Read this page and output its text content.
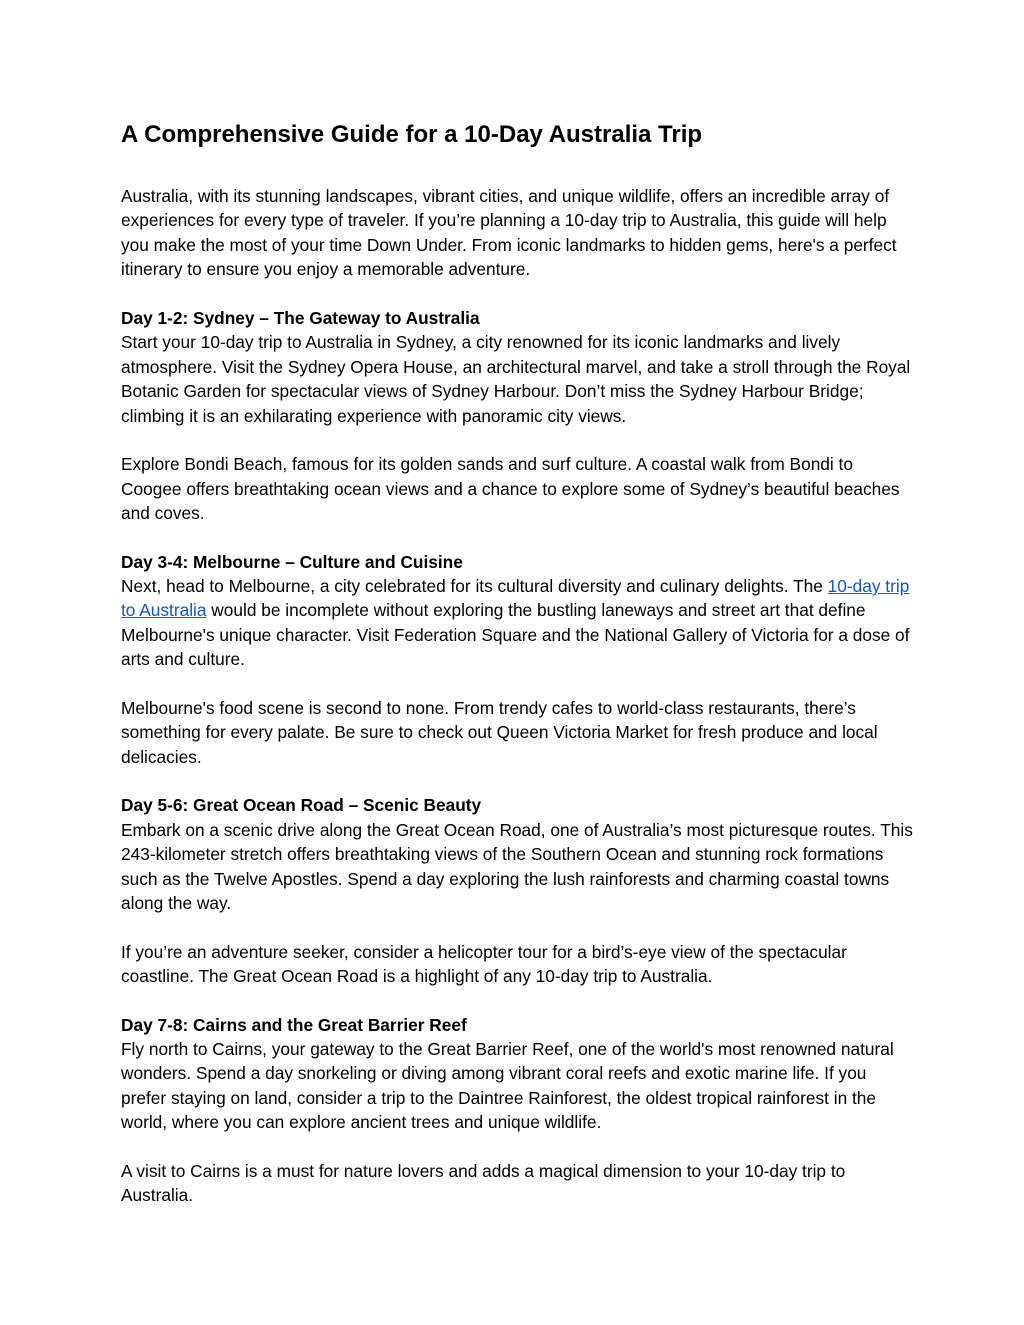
A Comprehensive Guide for a 10-Day Australia Trip

Australia, with its stunning landscapes, vibrant cities, and unique wildlife, offers an incredible array of experiences for every type of traveler. If you’re planning a 10-day trip to Australia, this guide will help you make the most of your time Down Under. From iconic landmarks to hidden gems, here's a perfect itinerary to ensure you enjoy a memorable adventure.

Day 1-2: Sydney – The Gateway to Australia

Start your 10-day trip to Australia in Sydney, a city renowned for its iconic landmarks and lively atmosphere. Visit the Sydney Opera House, an architectural marvel, and take a stroll through the Royal Botanic Garden for spectacular views of Sydney Harbour. Don’t miss the Sydney Harbour Bridge; climbing it is an exhilarating experience with panoramic city views.

Explore Bondi Beach, famous for its golden sands and surf culture. A coastal walk from Bondi to Coogee offers breathtaking ocean views and a chance to explore some of Sydney’s beautiful beaches and coves.

Day 3-4: Melbourne – Culture and Cuisine

Next, head to Melbourne, a city celebrated for its cultural diversity and culinary delights. The 10-day trip to Australia would be incomplete without exploring the bustling laneways and street art that define Melbourne's unique character. Visit Federation Square and the National Gallery of Victoria for a dose of arts and culture.

Melbourne's food scene is second to none. From trendy cafes to world-class restaurants, there’s something for every palate. Be sure to check out Queen Victoria Market for fresh produce and local delicacies.

Day 5-6: Great Ocean Road – Scenic Beauty

Embark on a scenic drive along the Great Ocean Road, one of Australia’s most picturesque routes. This 243-kilometer stretch offers breathtaking views of the Southern Ocean and stunning rock formations such as the Twelve Apostles. Spend a day exploring the lush rainforests and charming coastal towns along the way.

If you’re an adventure seeker, consider a helicopter tour for a bird’s-eye view of the spectacular coastline. The Great Ocean Road is a highlight of any 10-day trip to Australia.

Day 7-8: Cairns and the Great Barrier Reef

Fly north to Cairns, your gateway to the Great Barrier Reef, one of the world's most renowned natural wonders. Spend a day snorkeling or diving among vibrant coral reefs and exotic marine life. If you prefer staying on land, consider a trip to the Daintree Rainforest, the oldest tropical rainforest in the world, where you can explore ancient trees and unique wildlife.

A visit to Cairns is a must for nature lovers and adds a magical dimension to your 10-day trip to Australia.
